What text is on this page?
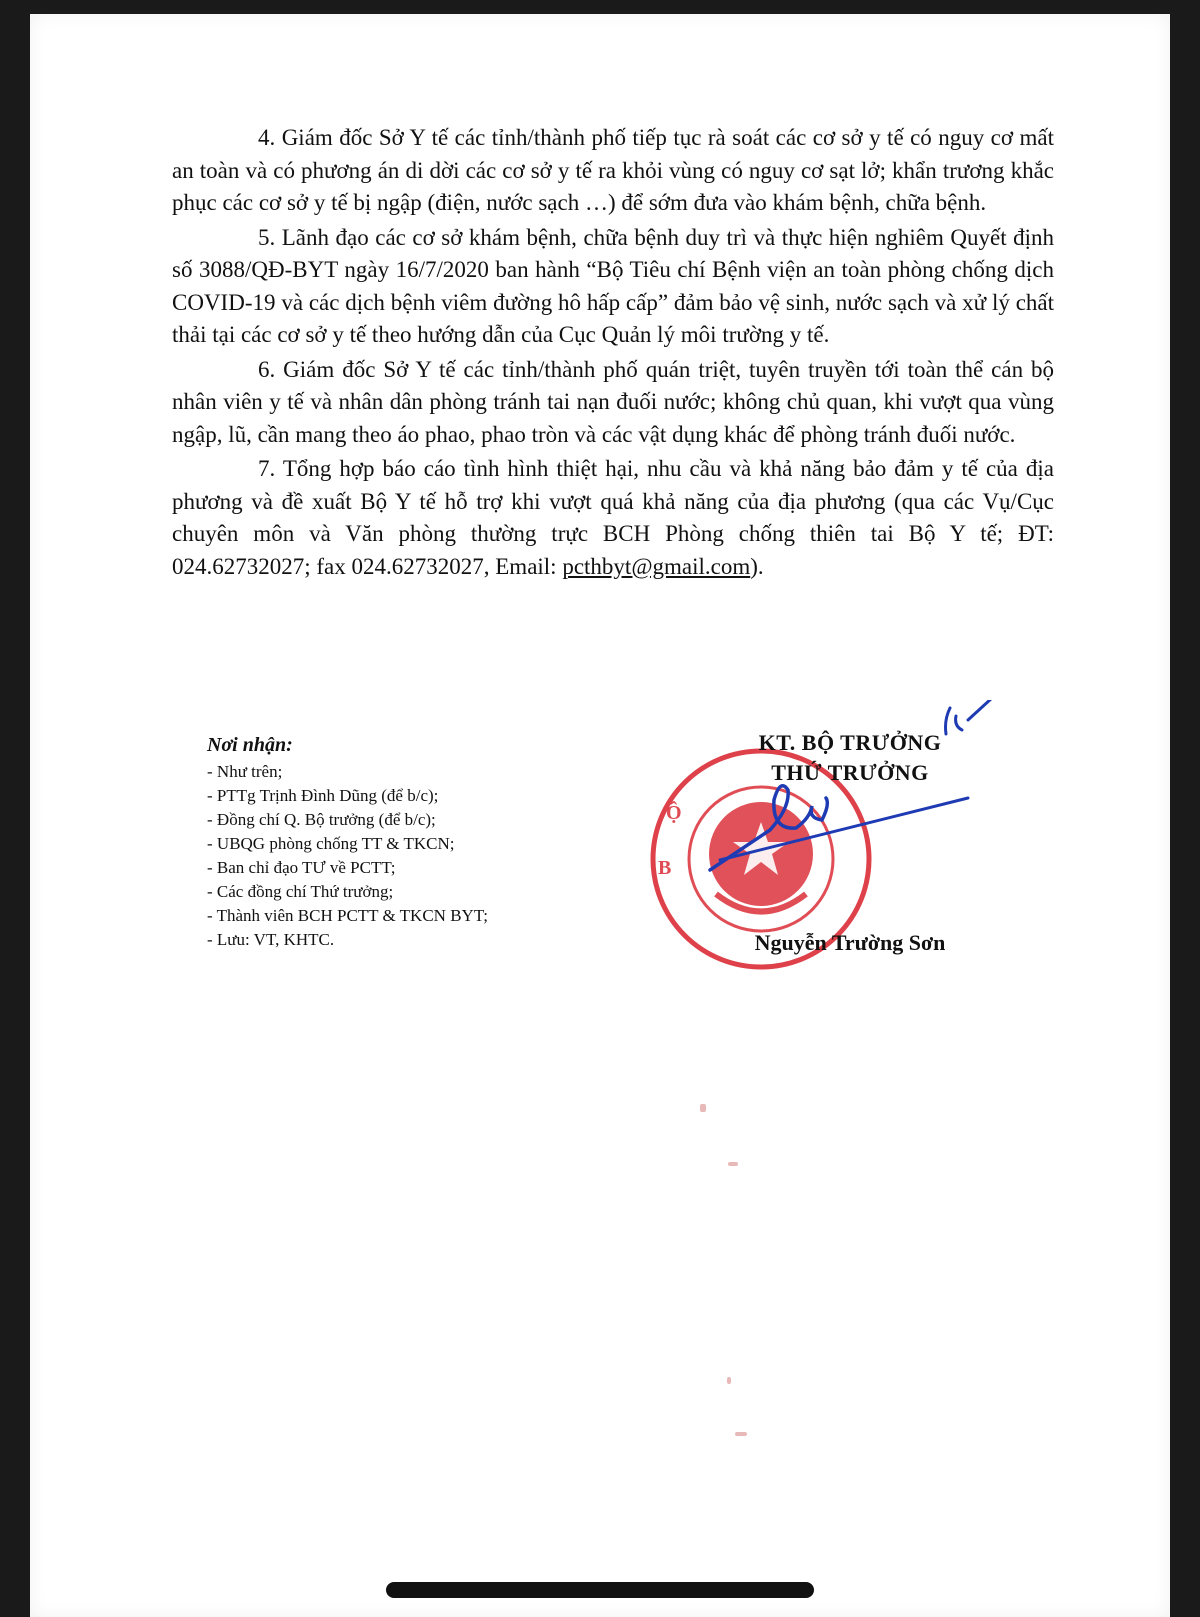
4. Giám đốc Sở Y tế các tỉnh/thành phố tiếp tục rà soát các cơ sở y tế có nguy cơ mất an toàn và có phương án di dời các cơ sở y tế ra khỏi vùng có nguy cơ sạt lở; khẩn trương khắc phục các cơ sở y tế bị ngập (điện, nước sạch …) để sớm đưa vào khám bệnh, chữa bệnh.

5. Lãnh đạo các cơ sở khám bệnh, chữa bệnh duy trì và thực hiện nghiêm Quyết định số 3088/QĐ-BYT ngày 16/7/2020 ban hành “Bộ Tiêu chí Bệnh viện an toàn phòng chống dịch COVID-19 và các dịch bệnh viêm đường hô hấp cấp” đảm bảo vệ sinh, nước sạch và xử lý chất thải tại các cơ sở y tế theo hướng dẫn của Cục Quản lý môi trường y tế.

6. Giám đốc Sở Y tế các tỉnh/thành phố quán triệt, tuyên truyền tới toàn thể cán bộ nhân viên y tế và nhân dân phòng tránh tai nạn đuối nước; không chủ quan, khi vượt qua vùng ngập, lũ, cần mang theo áo phao, phao tròn và các vật dụng khác để phòng tránh đuối nước.

7. Tổng hợp báo cáo tình hình thiệt hại, nhu cầu và khả năng bảo đảm y tế của địa phương và đề xuất Bộ Y tế hỗ trợ khi vượt quá khả năng của địa phương (qua các Vụ/Cục chuyên môn và Văn phòng thường trực BCH Phòng chống thiên tai Bộ Y tế; ĐT: 024.62732027; fax 024.62732027, Email: pcthbyt@gmail.com).

Nơi nhận:
- Như trên;
- PTTg Trịnh Đình Dũng (để b/c);
- Đồng chí Q. Bộ trưởng (để b/c);
- UBQG phòng chống TT & TKCN;
- Ban chỉ đạo TƯ về PCTT;
- Các đồng chí Thứ trưởng;
- Thành viên BCH PCTT & TKCN BYT;
- Lưu: VT, KHTC.
Ộ
B
KT. BỘ TRƯỞNG
THỨ TRƯỞNG
Nguyễn Trường Sơn
